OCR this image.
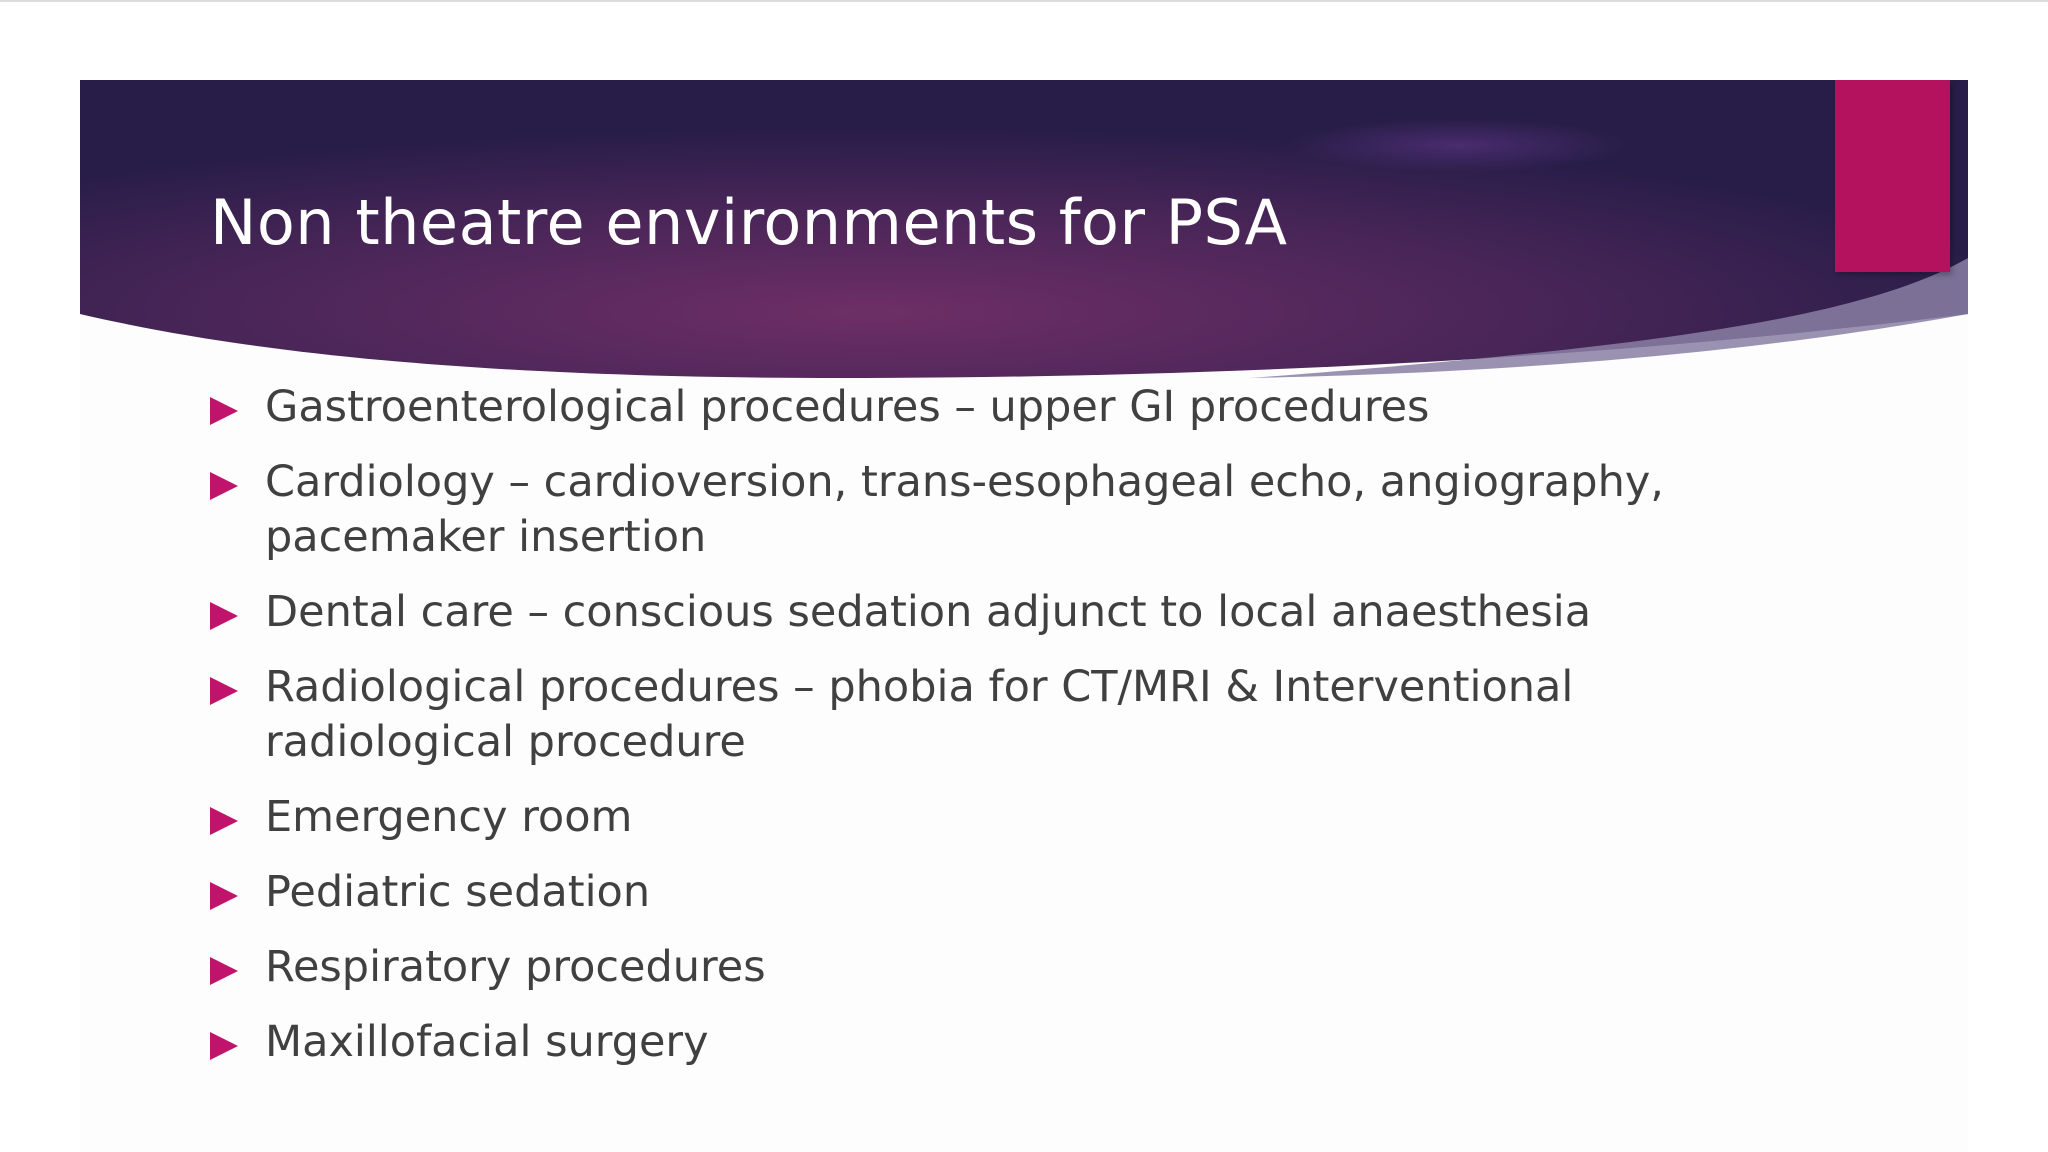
Non theatre environments for PSA
Gastroenterological procedures – upper GI procedures
Cardiology – cardioversion, trans-esophageal echo, angiography, pacemaker insertion
Dental care – conscious sedation adjunct to local anaesthesia
Radiological procedures – phobia for CT/MRI & Interventional radiological procedure
Emergency room
Pediatric sedation
Respiratory procedures
Maxillofacial surgery
